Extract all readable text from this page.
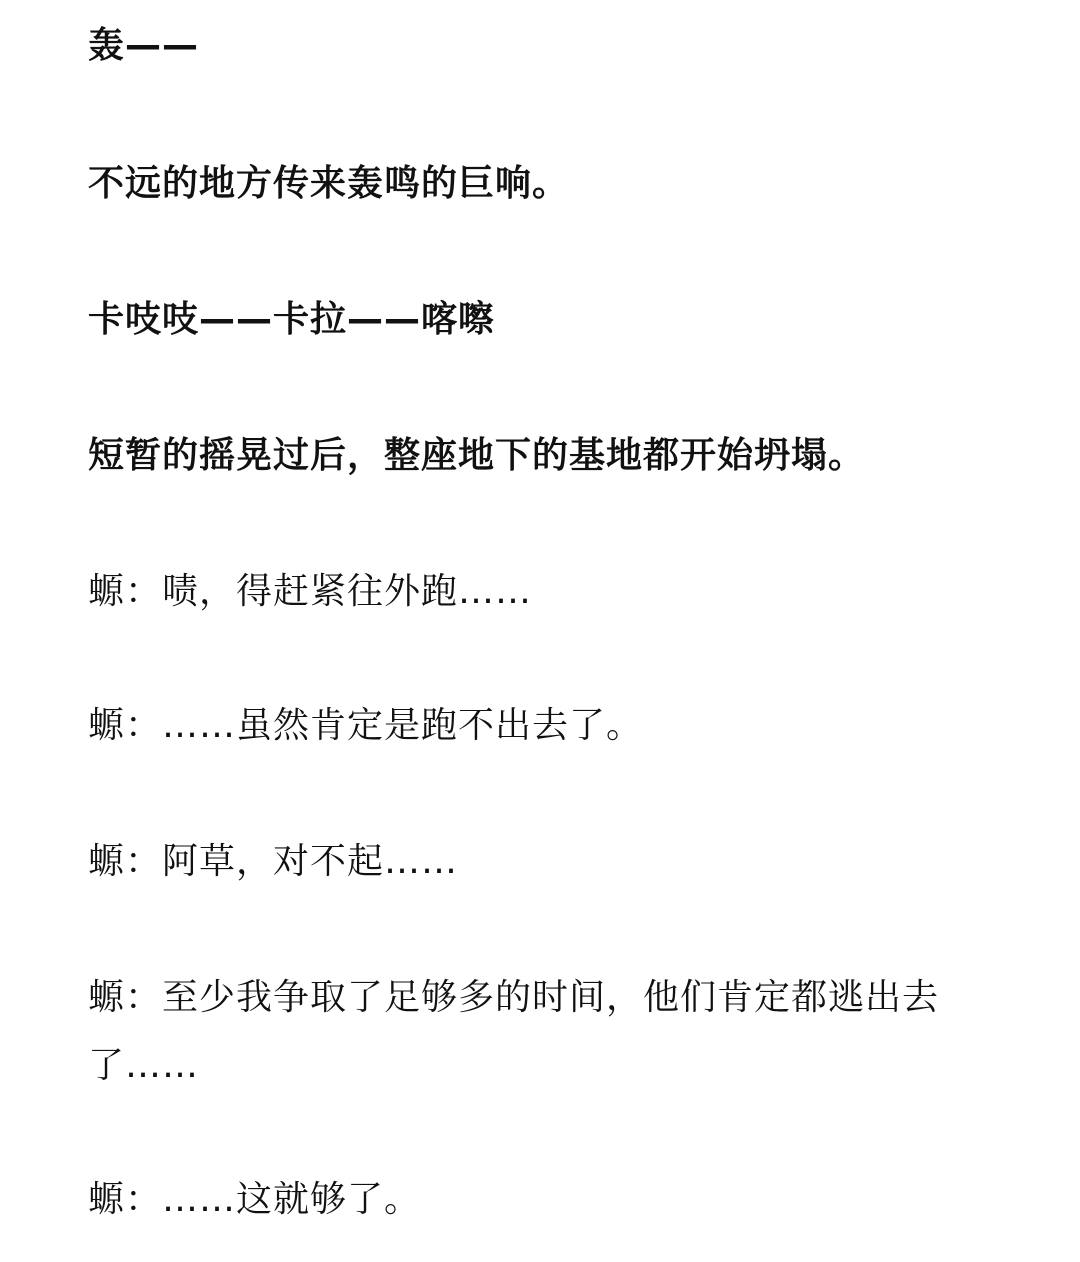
轰——

不远的地方传来轰鸣的巨响。

卡吱吱——卡拉——喀嚓

短暂的摇晃过后，整座地下的基地都开始坍塌。

螈：啧，得赶紧往外跑……

螈：……虽然肯定是跑不出去了。

螈：阿草，对不起……

螈：至少我争取了足够多的时间，他们肯定都逃出去了……

螈：……这就够了。
